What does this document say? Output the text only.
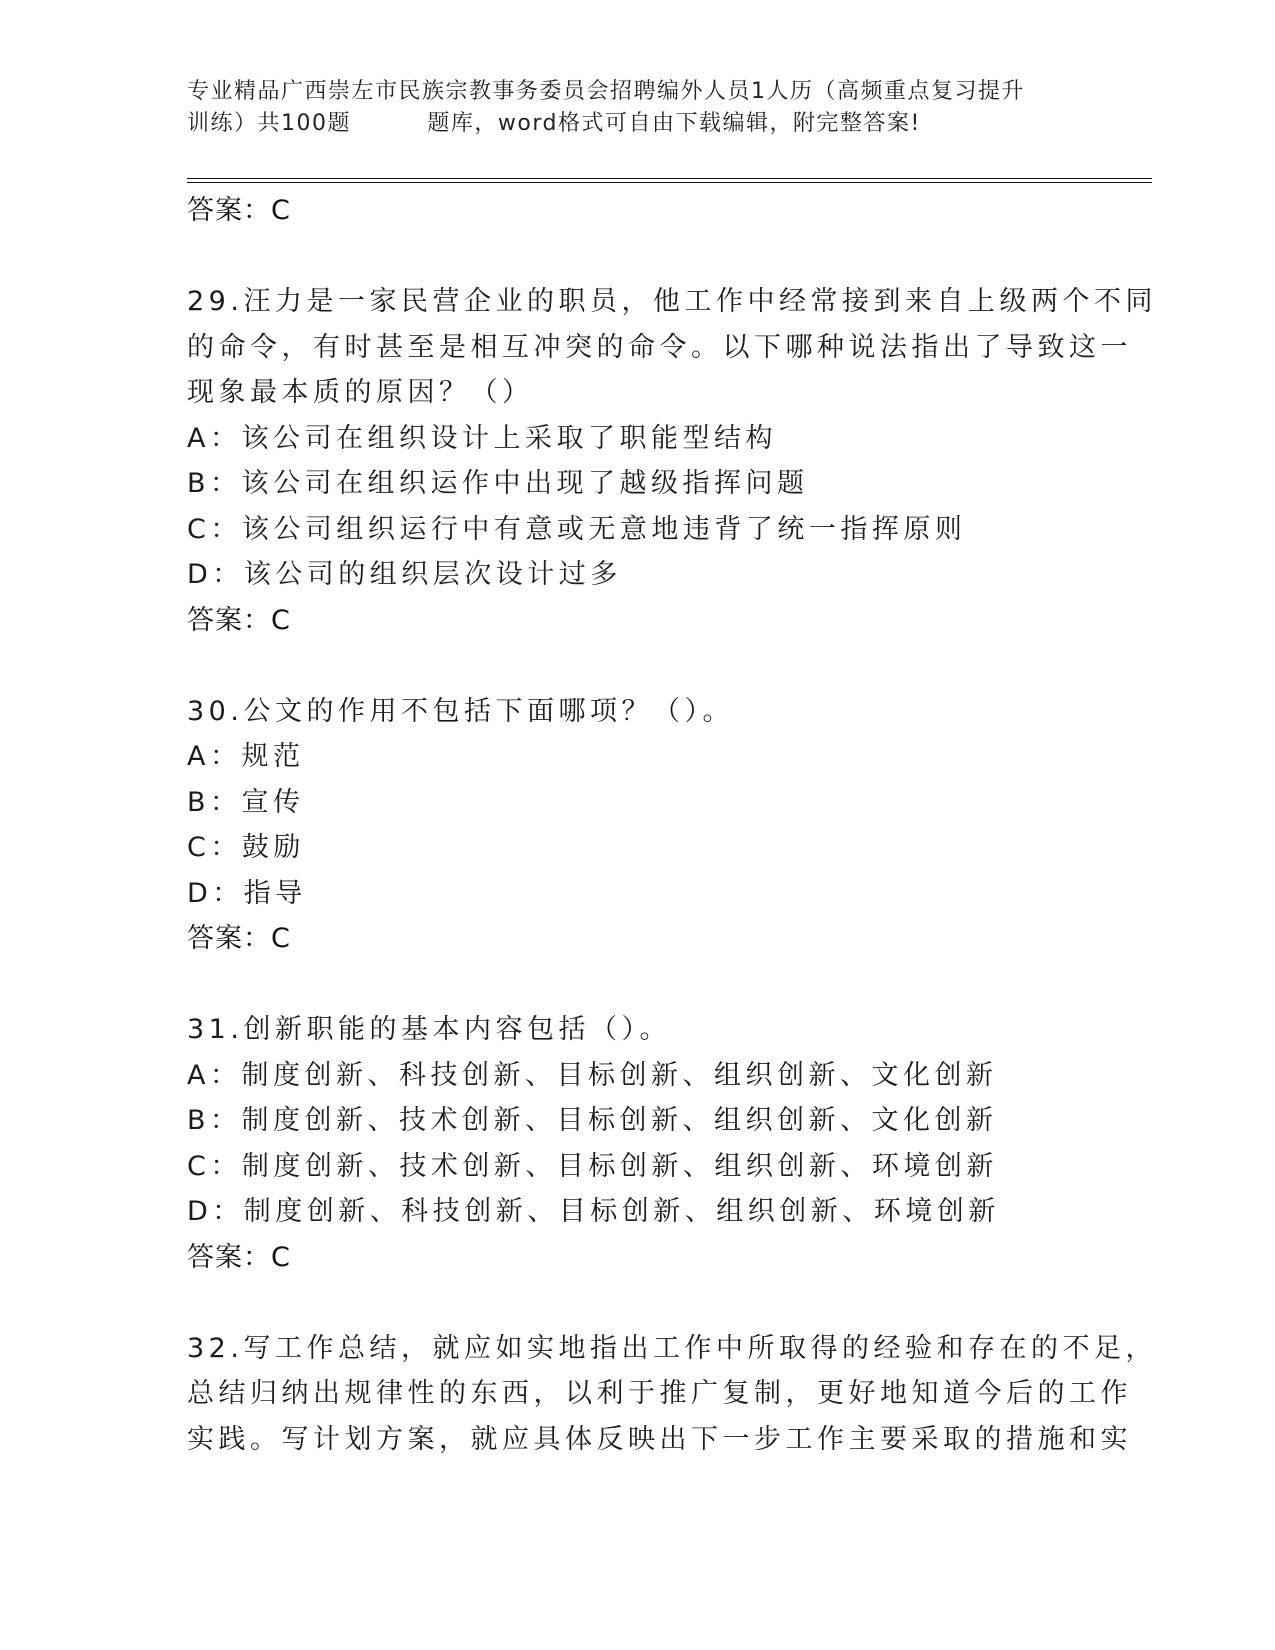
专业精品广西崇左市民族宗教事务委员会招聘编外人员1人历（高频重点复习提升
训练）共100题         题库，word格式可自由下载编辑，附完整答案!
答案：C
29.汪力是一家民营企业的职员，他工作中经常接到来自上级两个不同
的命令，有时甚至是相互冲突的命令。以下哪种说法指出了导致这一
现象最本质的原因？（）
A：该公司在组织设计上采取了职能型结构
B：该公司在组织运作中出现了越级指挥问题
C：该公司组织运行中有意或无意地违背了统一指挥原则
D：该公司的组织层次设计过多
答案：C
30.公文的作用不包括下面哪项？（）。
A：规范
B：宣传
C：鼓励
D：指导
答案：C
31.创新职能的基本内容包括（）。
A：制度创新、科技创新、目标创新、组织创新、文化创新
B：制度创新、技术创新、目标创新、组织创新、文化创新
C：制度创新、技术创新、目标创新、组织创新、环境创新
D：制度创新、科技创新、目标创新、组织创新、环境创新
答案：C
32.写工作总结，就应如实地指出工作中所取得的经验和存在的不足，
总结归纳出规律性的东西，以利于推广复制，更好地知道今后的工作
实践。写计划方案，就应具体反映出下一步工作主要采取的措施和实
